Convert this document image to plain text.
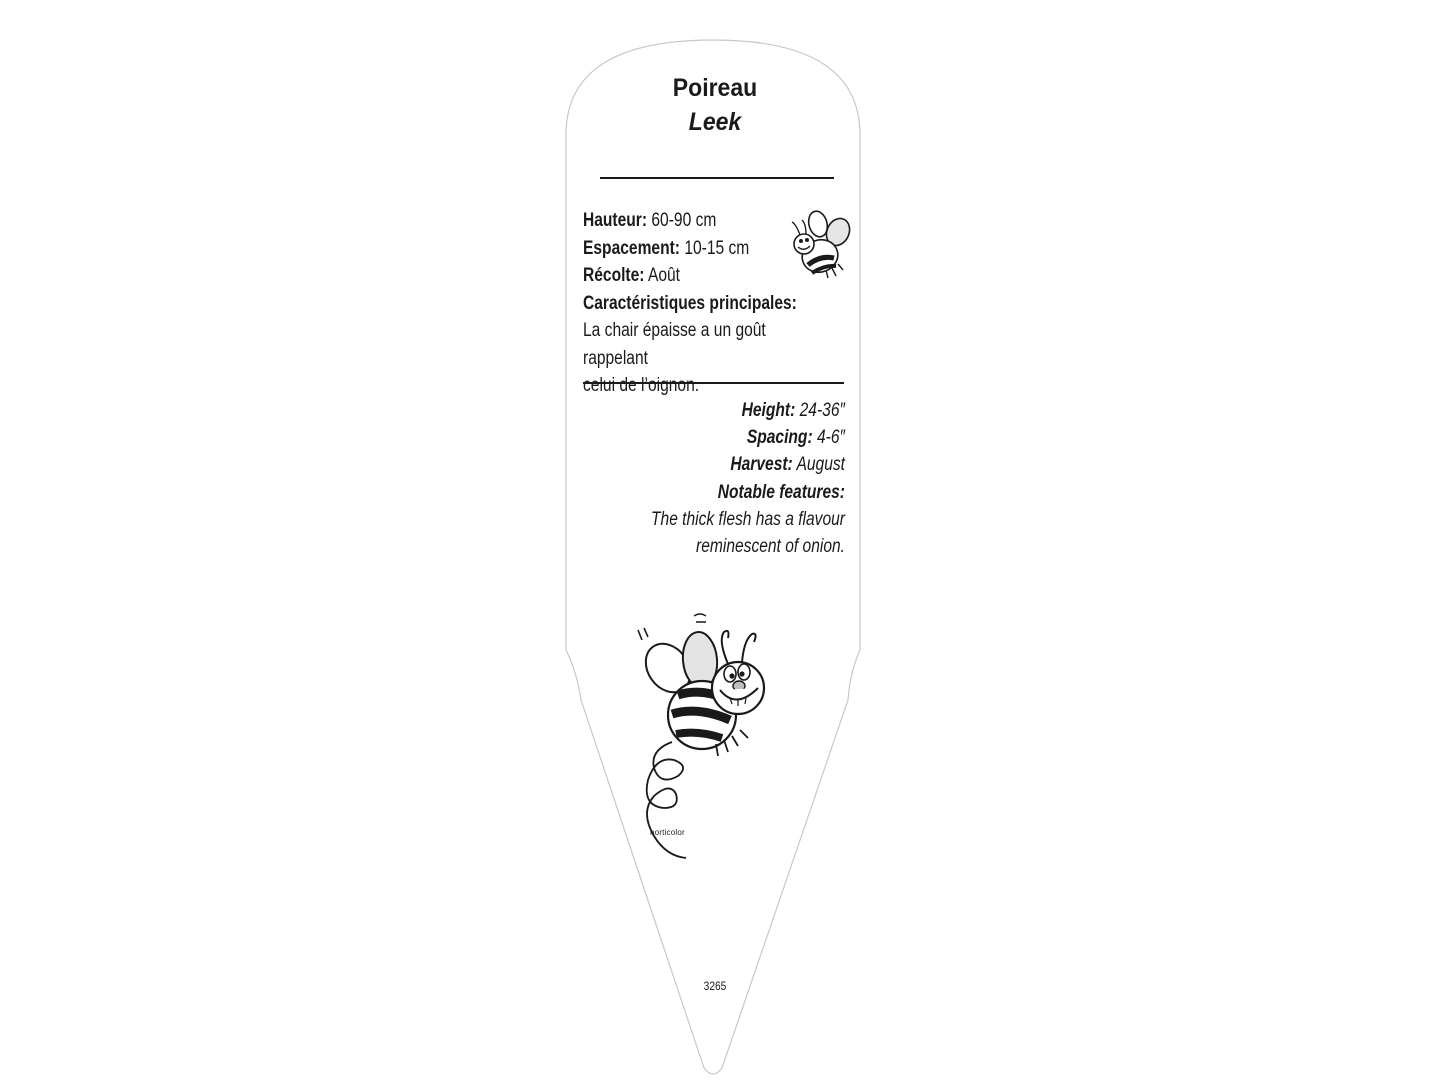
Poireau
Leek
Hauteur: 60-90 cm
Espacement: 10-15 cm
Récolte: Août
Caractéristiques principales:
La chair épaisse a un goût rappelant
celui de l’oignon.
Height: 24-36″
Spacing: 4-6″
Harvest: August
Notable features:
The thick flesh has a flavour
reminescent of onion.
horticolor
3265
